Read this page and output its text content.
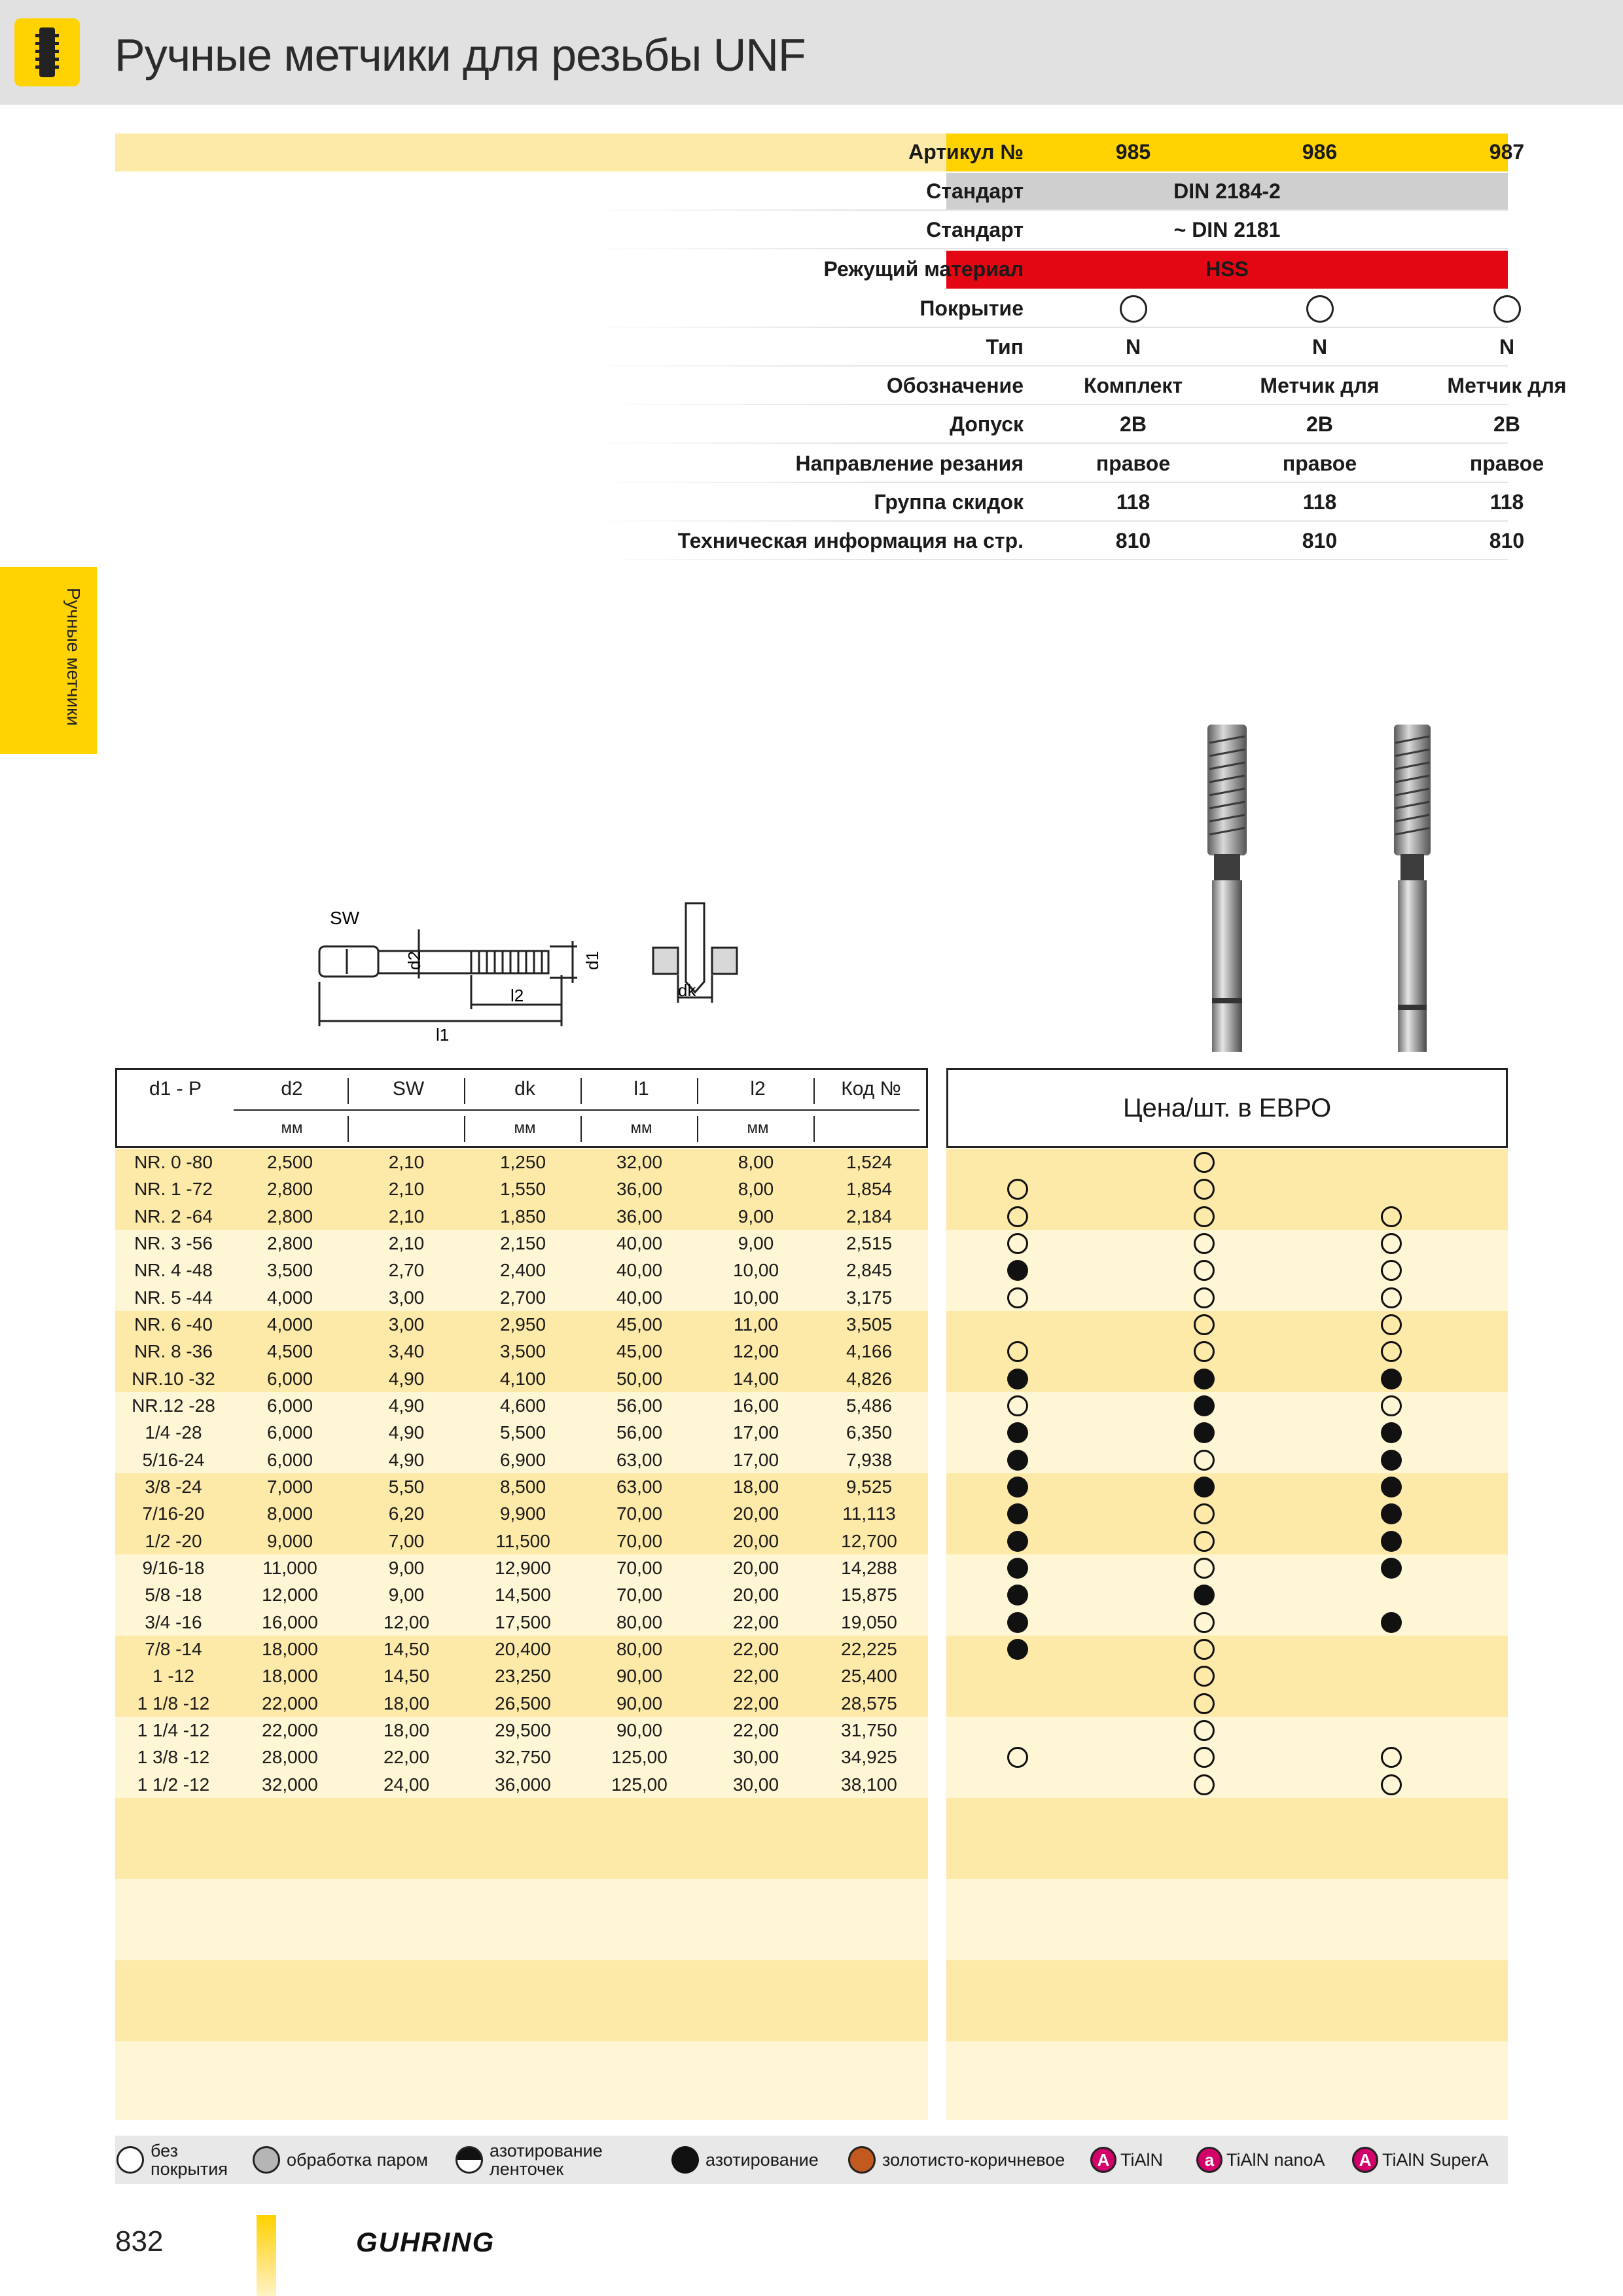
Ручные метчики для резьбы UNF
Ручные метчики
Артикул №	985	986	987
Стандарт	DIN 2184-2
Стандарт	~ DIN 2181
Режущий материал	HSS
Покрытие
Тип	N	N	N
Обозначение	Комплект	Метчик для	Метчик для
Допуск	2B	2B	2B
Направление резания	правое	правое	правое
Группа скидок	118	118	118
Техническая информация на стр.	810	810	810
SW
d2	d1
l2
l1
dk
d1 - P	d2	SW	dk	l1	l2	Код №
мм	мм	мм	мм
Цена/шт. в ЕВРО
NR. 0 -80	2,500	2,10	1,250	32,00	8,00	1,524
NR. 1 -72	2,800	2,10	1,550	36,00	8,00	1,854
NR. 2 -64	2,800	2,10	1,850	36,00	9,00	2,184
NR. 3 -56	2,800	2,10	2,150	40,00	9,00	2,515
NR. 4 -48	3,500	2,70	2,400	40,00	10,00	2,845
NR. 5 -44	4,000	3,00	2,700	40,00	10,00	3,175
NR. 6 -40	4,000	3,00	2,950	45,00	11,00	3,505
NR. 8 -36	4,500	3,40	3,500	45,00	12,00	4,166
NR.10 -32	6,000	4,90	4,100	50,00	14,00	4,826
NR.12 -28	6,000	4,90	4,600	56,00	16,00	5,486
1/4 -28	6,000	4,90	5,500	56,00	17,00	6,350
5/16-24	6,000	4,90	6,900	63,00	17,00	7,938
3/8 -24	7,000	5,50	8,500	63,00	18,00	9,525
7/16-20	8,000	6,20	9,900	70,00	20,00	11,113
1/2 -20	9,000	7,00	11,500	70,00	20,00	12,700
9/16-18	11,000	9,00	12,900	70,00	20,00	14,288
5/8 -18	12,000	9,00	14,500	70,00	20,00	15,875
3/4 -16	16,000	12,00	17,500	80,00	22,00	19,050
7/8 -14	18,000	14,50	20,400	80,00	22,00	22,225
1 -12	18,000	14,50	23,250	90,00	22,00	25,400
1 1/8 -12	22,000	18,00	26,500	90,00	22,00	28,575
1 1/4 -12	22,000	18,00	29,500	90,00	22,00	31,750
1 3/8 -12	28,000	22,00	32,750	125,00	30,00	34,925
1 1/2 -12	32,000	24,00	36,000	125,00	30,00	38,100
без покрытия	обработка паром	азотирование ленточек	азотирование	золотисто-коричневое	A TiAlN	a TiAlN nanoA	A TiAlN SuperA
832	GUHRING
